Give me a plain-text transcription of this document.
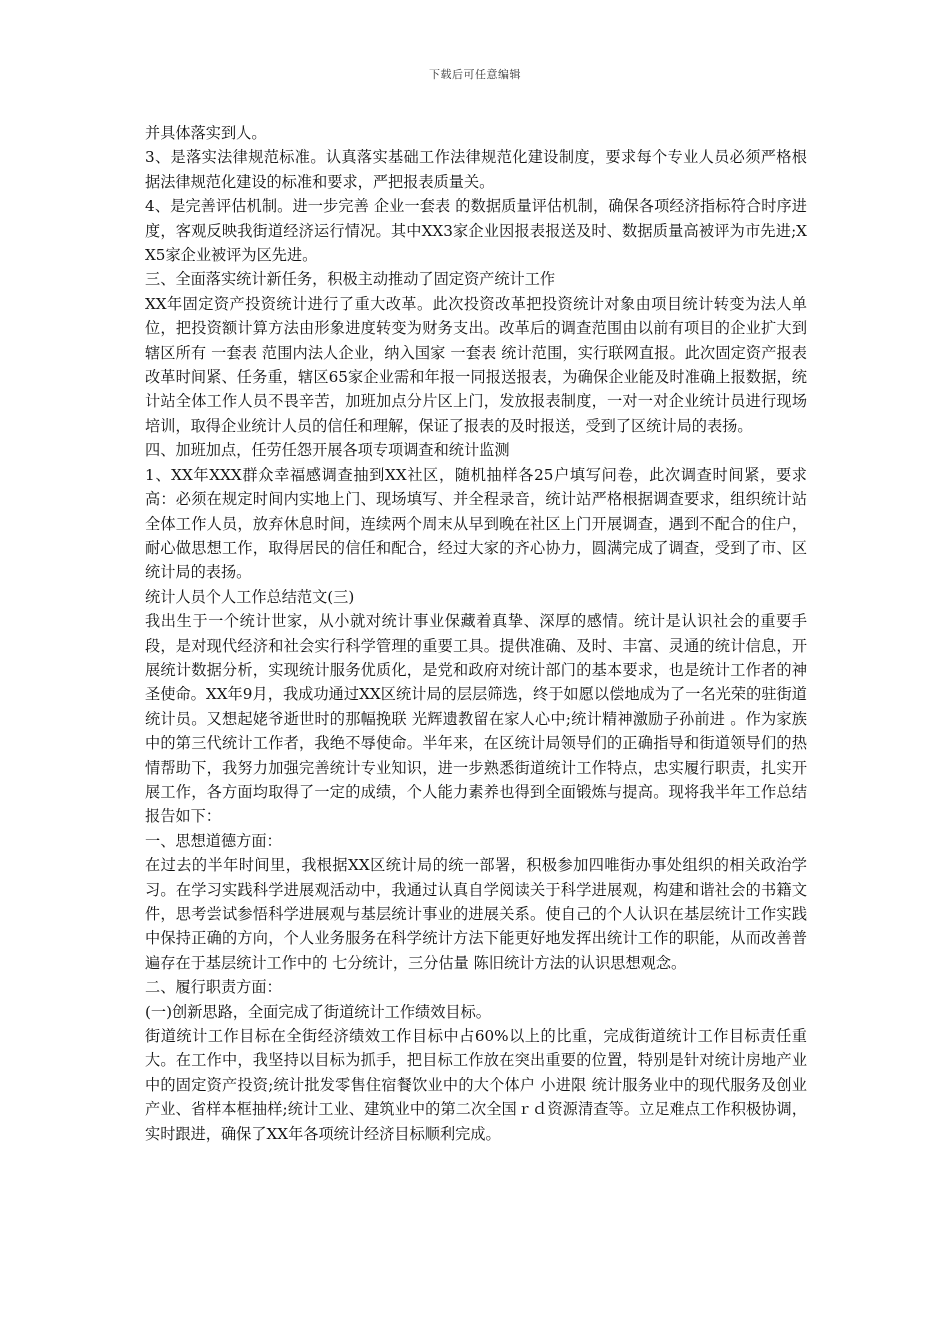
下载后可任意编辑

并具体落实到人。

3、是落实法律规范标准。认真落实基础工作法律规范化建设制度，要求每个专业人员必须严格根据法律规范化建设的标准和要求，严把报表质量关。

4、是完善评估机制。进一步完善 企业一套表 的数据质量评估机制，确保各项经济指标符合时序进度，客观反映我街道经济运行情况。其中XX3家企业因报表报送及时、数据质量高被评为市先进;XX5家企业被评为区先进。

三、全面落实统计新任务，积极主动推动了固定资产统计工作

XX年固定资产投资统计进行了重大改革。此次投资改革把投资统计对象由项目统计转变为法人单位，把投资额计算方法由形象进度转变为财务支出。改革后的调查范围由以前有项目的企业扩大到辖区所有 一套表 范围内法人企业，纳入国家 一套表 统计范围，实行联网直报。此次固定资产报表改革时间紧、任务重，辖区65家企业需和年报一同报送报表，为确保企业能及时准确上报数据，统计站全体工作人员不畏辛苦，加班加点分片区上门，发放报表制度，一对一对企业统计员进行现场培训，取得企业统计人员的信任和理解，保证了报表的及时报送，受到了区统计局的表扬。

四、加班加点，任劳任怨开展各项专项调查和统计监测

1、XX年XXX群众幸福感调查抽到XX社区，随机抽样各25户填写问卷，此次调查时间紧，要求高：必须在规定时间内实地上门、现场填写、并全程录音，统计站严格根据调查要求，组织统计站全体工作人员，放弃休息时间，连续两个周末从早到晚在社区上门开展调查，遇到不配合的住户，耐心做思想工作，取得居民的信任和配合，经过大家的齐心协力，圆满完成了调查，受到了市、区统计局的表扬。

统计人员个人工作总结范文(三)

我出生于一个统计世家，从小就对统计事业保藏着真挚、深厚的感情。统计是认识社会的重要手段，是对现代经济和社会实行科学管理的重要工具。提供准确、及时、丰富、灵通的统计信息，开展统计数据分析，实现统计服务优质化，是党和政府对统计部门的基本要求，也是统计工作者的神圣使命。XX年9月，我成功通过XX区统计局的层层筛选，终于如愿以偿地成为了一名光荣的驻街道统计员。又想起姥爷逝世时的那幅挽联 光辉遗教留在家人心中;统计精神激励子孙前进 。作为家族中的第三代统计工作者，我绝不辱使命。半年来，在区统计局领导们的正确指导和街道领导们的热情帮助下，我努力加强完善统计专业知识，进一步熟悉街道统计工作特点，忠实履行职责，扎实开展工作，各方面均取得了一定的成绩，个人能力素养也得到全面锻炼与提高。现将我半年工作总结报告如下：

一、思想道德方面：

在过去的半年时间里，我根据XX区统计局的统一部署，积极参加四唯街办事处组织的相关政治学习。在学习实践科学进展观活动中，我通过认真自学阅读关于科学进展观，构建和谐社会的书籍文件，思考尝试参悟科学进展观与基层统计事业的进展关系。使自己的个人认识在基层统计工作实践中保持正确的方向，个人业务服务在科学统计方法下能更好地发挥出统计工作的职能，从而改善普遍存在于基层统计工作中的 七分统计，三分估量 陈旧统计方法的认识思想观念。

二、履行职责方面：

(一)创新思路，全面完成了街道统计工作绩效目标。

街道统计工作目标在全街经济绩效工作目标中占60%以上的比重，完成街道统计工作目标责任重大。在工作中，我坚持以目标为抓手，把目标工作放在突出重要的位置，特别是针对统计房地产业中的固定资产投资;统计批发零售住宿餐饮业中的大个体户 小进限 统计服务业中的现代服务及创业产业、省样本框抽样;统计工业、建筑业中的第二次全国ｒｄ资源清查等。立足难点工作积极协调，实时跟进，确保了XX年各项统计经济目标顺利完成。
